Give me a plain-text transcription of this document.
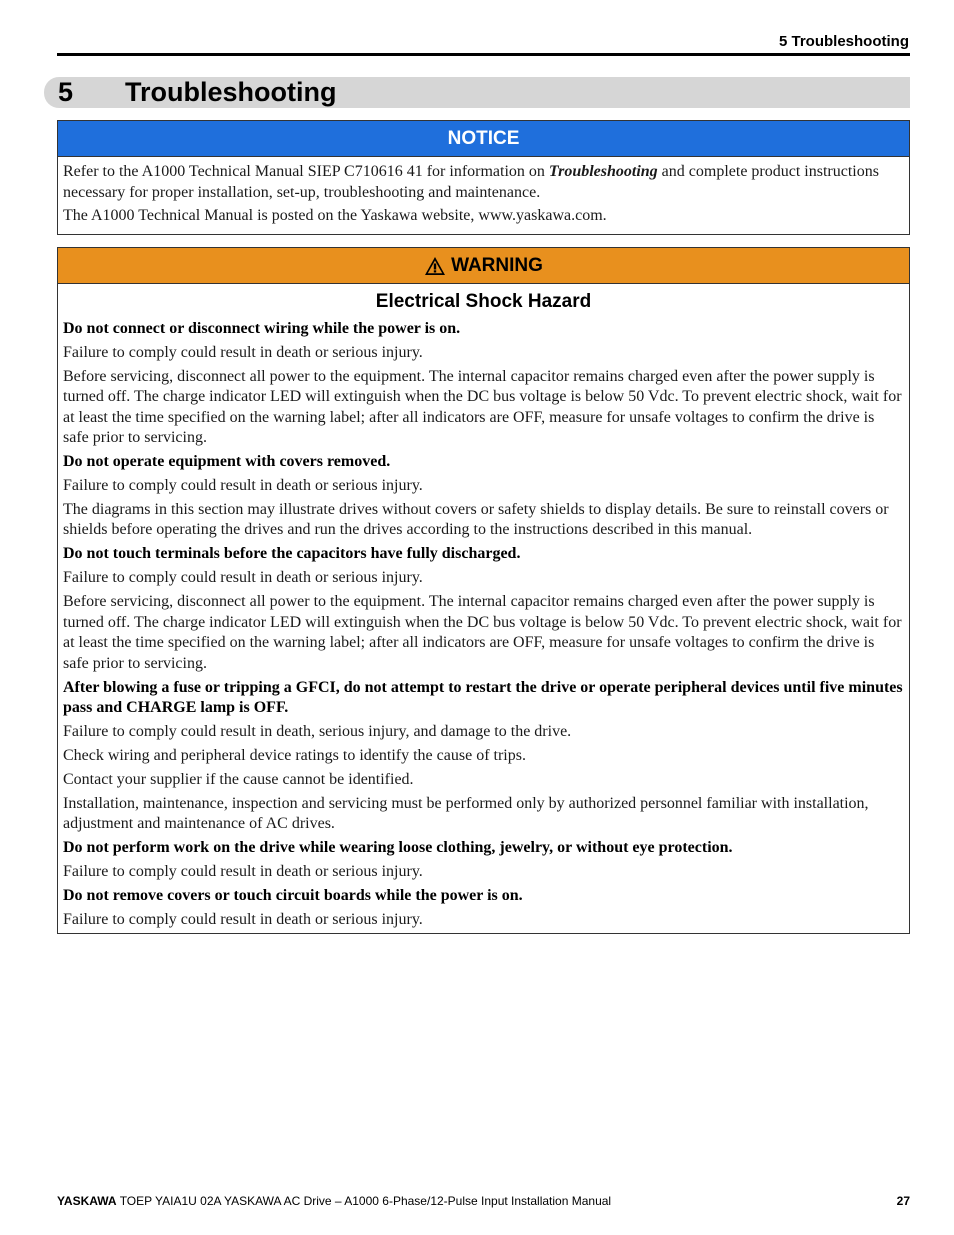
5 Troubleshooting
5 Troubleshooting
NOTICE

Refer to the A1000 Technical Manual SIEP C710616 41 for information on Troubleshooting and complete product instructions necessary for proper installation, set-up, troubleshooting and maintenance.

The A1000 Technical Manual is posted on the Yaskawa website, www.yaskawa.com.

WARNING
Electrical Shock Hazard

Do not connect or disconnect wiring while the power is on.

Failure to comply could result in death or serious injury.

Before servicing, disconnect all power to the equipment. The internal capacitor remains charged even after the power supply is turned off. The charge indicator LED will extinguish when the DC bus voltage is below 50 Vdc. To prevent electric shock, wait for at least the time specified on the warning label; after all indicators are OFF, measure for unsafe voltages to confirm the drive is safe prior to servicing.

Do not operate equipment with covers removed.

Failure to comply could result in death or serious injury.

The diagrams in this section may illustrate drives without covers or safety shields to display details. Be sure to reinstall covers or shields before operating the drives and run the drives according to the instructions described in this manual.

Do not touch terminals before the capacitors have fully discharged.

Failure to comply could result in death or serious injury.

Before servicing, disconnect all power to the equipment. The internal capacitor remains charged even after the power supply is turned off. The charge indicator LED will extinguish when the DC bus voltage is below 50 Vdc. To prevent electric shock, wait for at least the time specified on the warning label; after all indicators are OFF, measure for unsafe voltages to confirm the drive is safe prior to servicing.

After blowing a fuse or tripping a GFCI, do not attempt to restart the drive or operate peripheral devices until five minutes pass and CHARGE lamp is OFF.

Failure to comply could result in death, serious injury, and damage to the drive.

Check wiring and peripheral device ratings to identify the cause of trips.

Contact your supplier if the cause cannot be identified.

Installation, maintenance, inspection and servicing must be performed only by authorized personnel familiar with installation, adjustment and maintenance of AC drives.

Do not perform work on the drive while wearing loose clothing, jewelry, or without eye protection.

Failure to comply could result in death or serious injury.

Do not remove covers or touch circuit boards while the power is on.

Failure to comply could result in death or serious injury.

YASKAWA TOEP YAIA1U 02A YASKAWA AC Drive – A1000 6-Phase/12-Pulse Input Installation Manual	27
